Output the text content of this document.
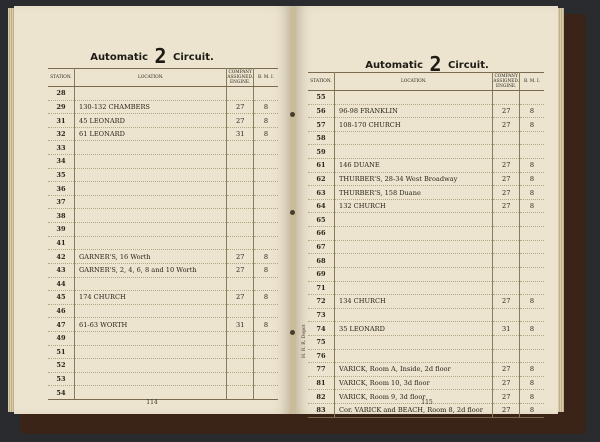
Automatic 2 Circuit.
STATION.	LOCATION.	COMPANY ASSIGNED.
ENGINE.	B. M. I.
28			
29	130-132 CHAMBERS	27	8
31	45 LEONARD	27	8
32	61 LEONARD	31	8
33			
34			
35			
36			
37			
38			
39			
41			
42	GARNER'S, 16 Worth	27	8
43	GARNER'S, 2, 4, 6, 8 and 10 Worth	27	8
44			
45	174 CHURCH	27	8
46			
47	61-63 WORTH	31	8
49			
51			
52			
53			
54			
114
Automatic 2 Circuit.
H. R. R. Depot
STATION.	LOCATION.	COMPANY ASSIGNED.
ENGINE.	B. M. I.
55			
56	96-98 FRANKLIN	27	8
57	108-170 CHURCH	27	8
58			
59			
61	146 DUANE	27	8
62	THURBER'S, 28-34 West Broadway	27	8
63	THURBER'S, 158 Duane	27	8
64	132 CHURCH	27	8
65			
66			
67			
68			
69			
71			
72	134 CHURCH	27	8
73			
74	35 LEONARD	31	8
75			
76			
77	VARICK, Room A, Inside, 2d floor	27	8
81	VARICK, Room 10, 3d floor	27	8
82	VARICK, Room 9, 3d floor	27	8
83	Cor. VARICK and BEACH, Room 8, 2d floor	27	8
115
